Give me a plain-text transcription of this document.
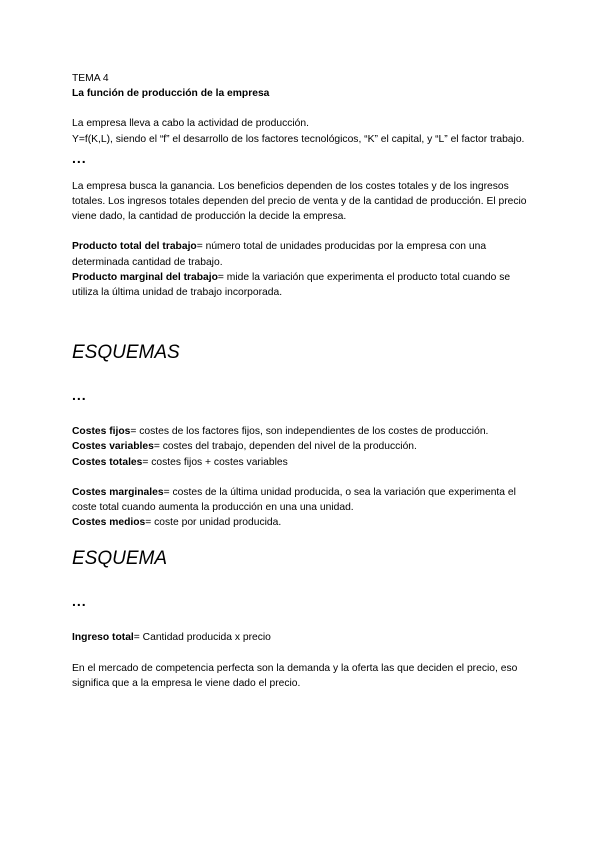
TEMA 4

La función de producción de la empresa

La empresa lleva a cabo la actividad de producción.

Y=f(K,L), siendo el “f” el desarrollo de los factores tecnológicos, “K” el capital, y “L” el factor trabajo.

...

La empresa busca la ganancia. Los beneficios dependen de los costes totales y de los ingresos totales. Los ingresos totales dependen del precio de venta y de la cantidad de producción. El precio viene dado, la cantidad de producción la decide la empresa.

Producto total del trabajo= número total de unidades producidas por la empresa con una determinada cantidad de trabajo.

Producto marginal del trabajo= mide la variación que experimenta el producto total cuando se utiliza la última unidad de trabajo incorporada.

ESQUEMAS

...

Costes fijos= costes de los factores fijos, son independientes de los costes de producción.

Costes variables= costes del trabajo, dependen del nivel de la producción.

Costes totales= costes fijos + costes variables

Costes marginales= costes de la última unidad producida, o sea la variación que experimenta el coste total cuando aumenta la producción en una una unidad.

Costes medios= coste por unidad producida.

ESQUEMA

...

Ingreso total= Cantidad producida x precio

En el mercado de competencia perfecta son la demanda y la oferta las que deciden el precio, eso significa que a la empresa le viene dado el precio.
